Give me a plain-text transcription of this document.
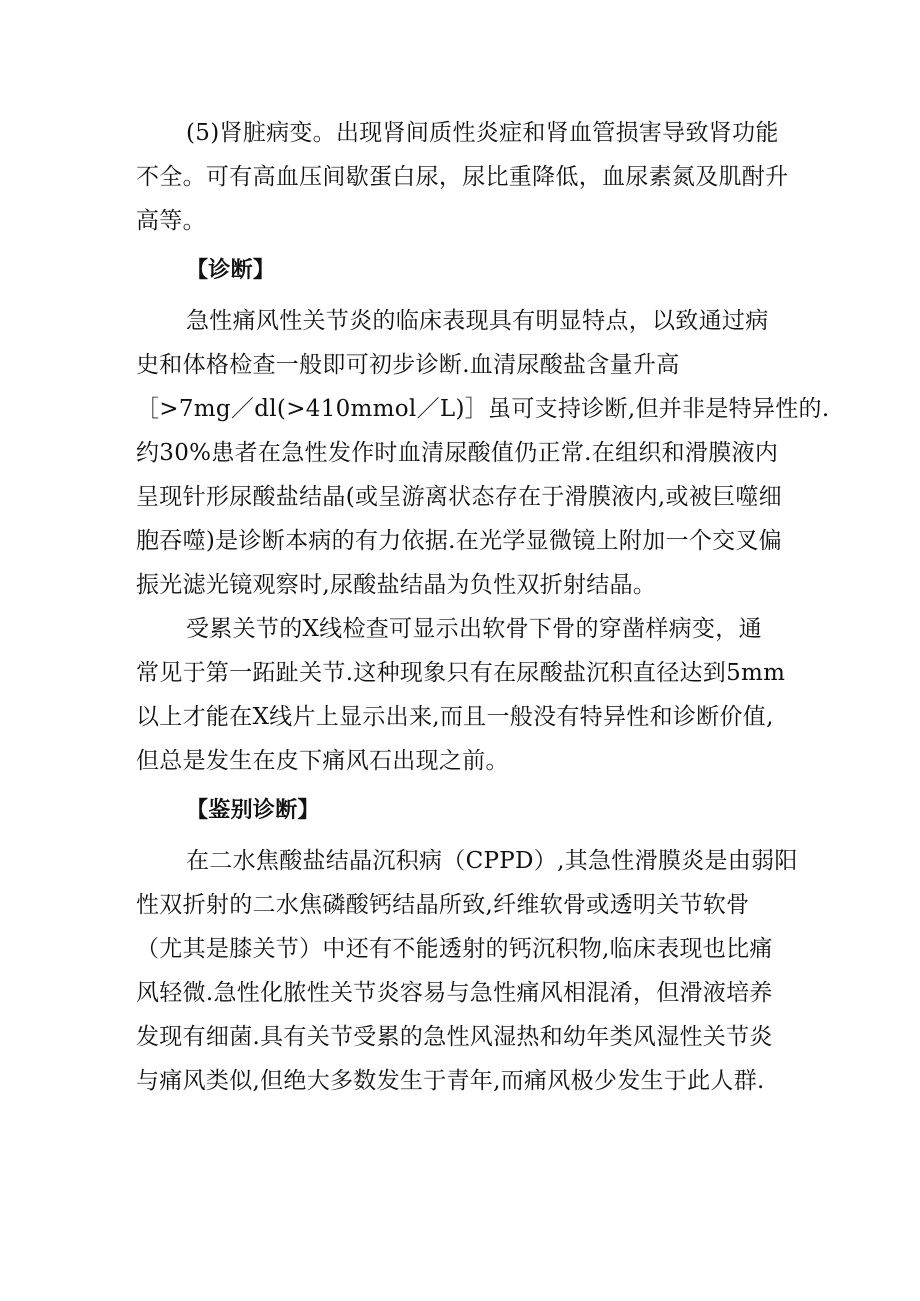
(5)肾脏病变。出现肾间质性炎症和肾血管损害导致肾功能
不全。可有高血压间歇蛋白尿，尿比重降低，血尿素氮及肌酎升
高等。
【诊断】
急性痛风性关节炎的临床表现具有明显特点，以致通过病
史和体格检查一般即可初步诊断.血清尿酸盐含量升高
［>7mg／dl(>410mmol／L)］虽可支持诊断,但并非是特异性的.
约30%患者在急性发作时血清尿酸值仍正常.在组织和滑膜液内
呈现针形尿酸盐结晶(或呈游离状态存在于滑膜液内,或被巨噬细
胞吞噬)是诊断本病的有力依据.在光学显微镜上附加一个交叉偏
振光滤光镜观察时,尿酸盐结晶为负性双折射结晶。
受累关节的X线检查可显示出软骨下骨的穿凿样病变，通
常见于第一跖趾关节.这种现象只有在尿酸盐沉积直径达到5mm
以上才能在X线片上显示出来,而且一般没有特异性和诊断价值,
但总是发生在皮下痛风石出现之前。
【鉴别诊断】
在二水焦酸盐结晶沉积病（CPPD）,其急性滑膜炎是由弱阳
性双折射的二水焦磷酸钙结晶所致,纤维软骨或透明关节软骨
（尤其是膝关节）中还有不能透射的钙沉积物,临床表现也比痛
风轻微.急性化脓性关节炎容易与急性痛风相混淆，但滑液培养
发现有细菌.具有关节受累的急性风湿热和幼年类风湿性关节炎
与痛风类似,但绝大多数发生于青年,而痛风极少发生于此人群.
